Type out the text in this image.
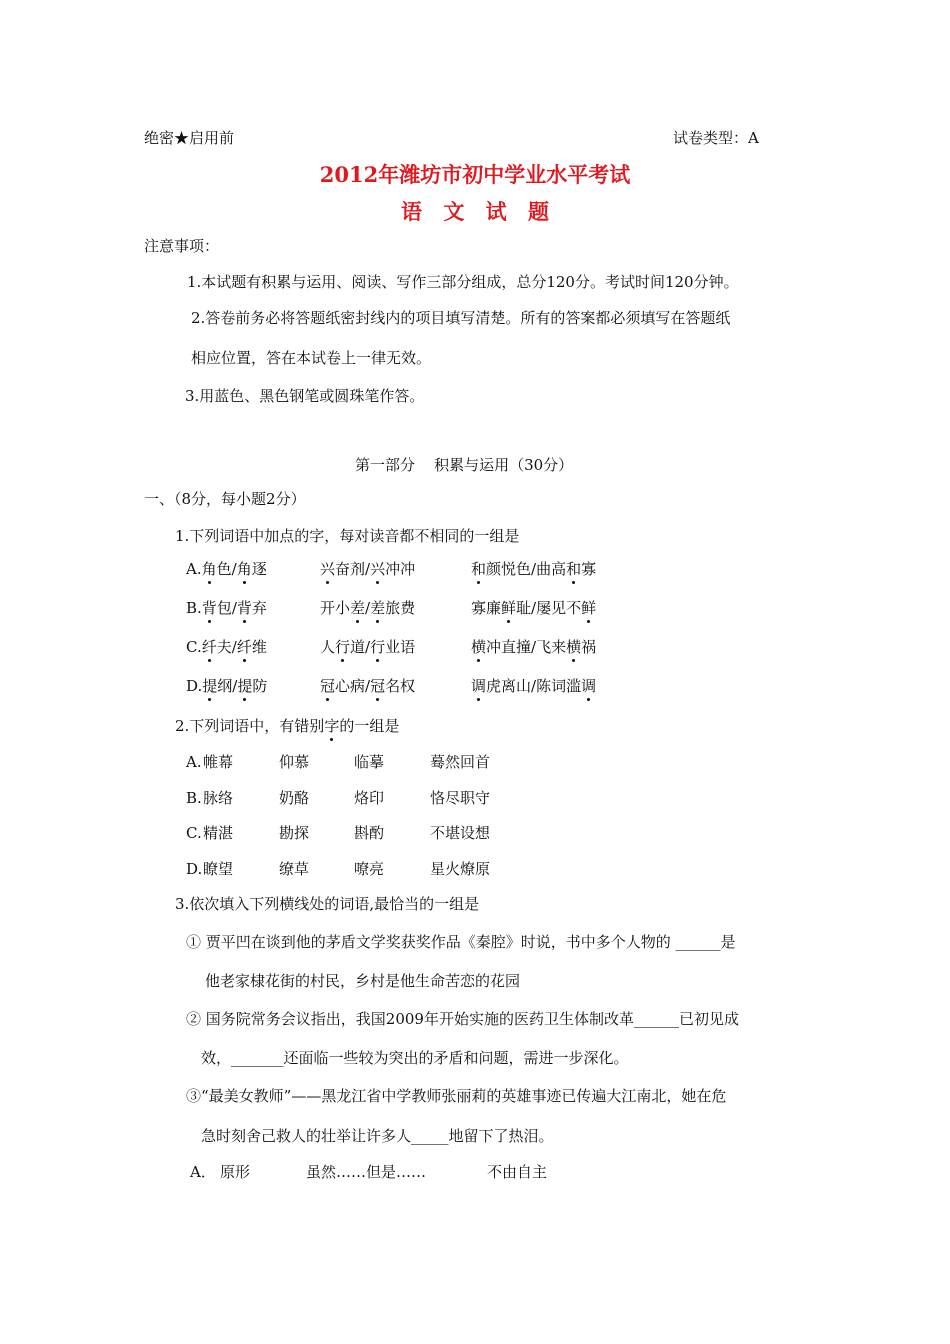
绝密★启用前	试卷类型：A
2012年潍坊市初中学业水平考试
语 文 试 题
注意事项：
1.本试题有积累与运用、阅读、写作三部分组成，总分120分。考试时间120分钟。
2.答卷前务必将答题纸密封线内的项目填写清楚。所有的答案都必须填写在答题纸
相应位置，答在本试卷上一律无效。
3.用蓝色、黑色钢笔或圆珠笔作答。
第一部分    积累与运用（30分）
一、（8分，每小题2分）
1.下列词语中加点的字，每对读音都不相同的一组是
A.角色/角逐	兴奋剂/兴冲冲	和颜悦色/曲高和寡
B.背包/背弃	开小差/差旅费	寡廉鲜耻/屡见不鲜
C.纤夫/纤维	人行道/行业语	横冲直撞/飞来横祸
D.提纲/提防	冠心病/冠名权	调虎离山/陈词滥调
2.下列词语中，有错别字的一组是
A. 帷幕	仰慕	临摹	蓦然回首
B. 脉络	奶酪	烙印	恪尽职守
C. 精湛	勘探	斟酌	不堪设想
D. 瞭望	缭草	嘹亮	星火燎原
3.依次填入下列横线处的词语,最恰当的一组是
① 贾平凹在谈到他的茅盾文学奖获奖作品《秦腔》时说，书中多个人物的 ______是
他老家棣花街的村民，乡村是他生命苦恋的花园
② 国务院常务会议指出，我国2009年开始实施的医药卫生体制改革______已初见成
效，_______还面临一些较为突出的矛盾和问题，需进一步深化。
③“最美女教师”——黑龙江省中学教师张丽莉的英雄事迹已传遍大江南北，她在危
急时刻舍己救人的壮举让许多人_____地留下了热泪。
A． 原形	虽然……但是……	不由自主
